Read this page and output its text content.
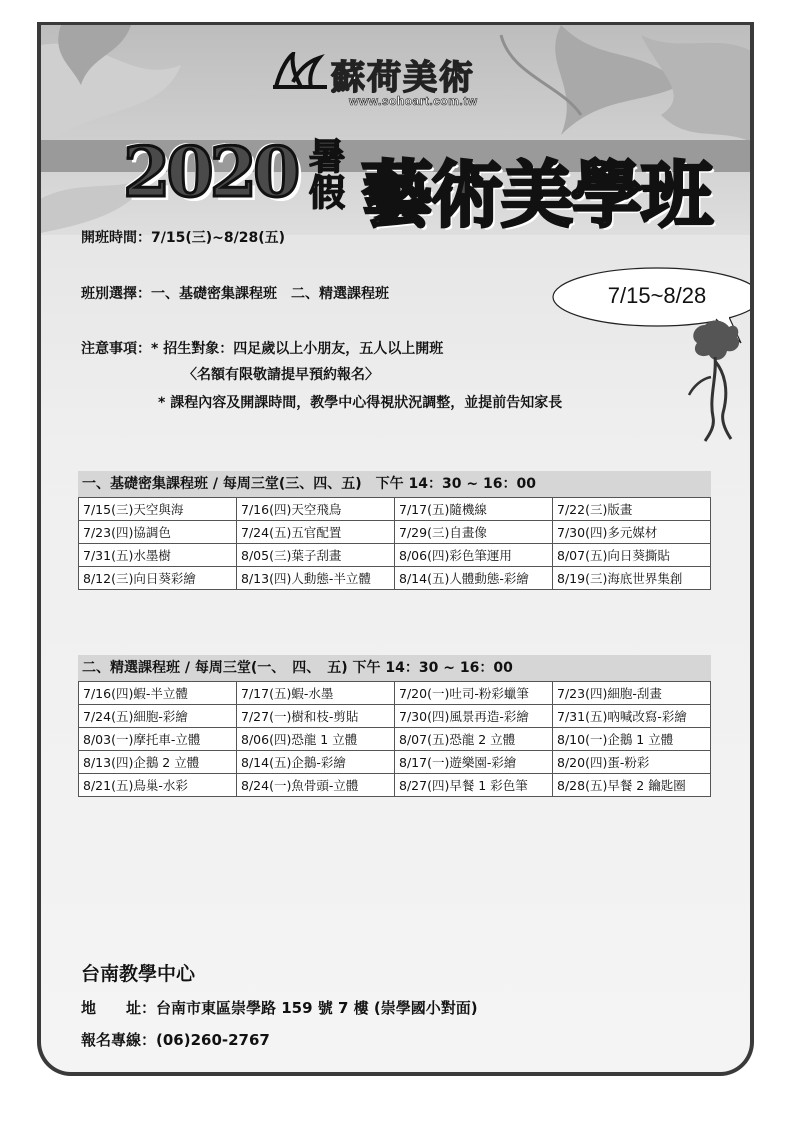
蘇荷美術
www.sohoart.com.tw
2020 暑假 藝術美學班
開班時間：7/15(三)~8/28(五)
班別選擇：一、基礎密集課程班　二、精選課程班
注意事項：* 招生對象：四足歲以上小朋友，五人以上開班
〈名額有限敬請提早預約報名〉
* 課程內容及開課時間，教學中心得視狀況調整，並提前告知家長
7/15~8/28
一、基礎密集課程班 / 每周三堂(三、四、五)　下午 14：30 ~ 16：00
7/15(三)天空與海	7/16(四)天空飛鳥	7/17(五)隨機線	7/22(三)版畫
7/23(四)協調色	7/24(五)五官配置	7/29(三)自畫像	7/30(四)多元媒材
7/31(五)水墨樹	8/05(三)葉子刮畫	8/06(四)彩色筆運用	8/07(五)向日葵撕貼
8/12(三)向日葵彩繪	8/13(四)人動態-半立體	8/14(五)人體動態-彩繪	8/19(三)海底世界集創
二、精選課程班 / 每周三堂(一、　四、　五) 下午 14：30 ~ 16：00
7/16(四)蝦-半立體	7/17(五)蝦-水墨	7/20(一)吐司-粉彩蠟筆	7/23(四)細胞-刮畫
7/24(五)細胞-彩繪	7/27(一)樹和枝-剪貼	7/30(四)風景再造-彩繪	7/31(五)吶喊改寫-彩繪
8/03(一)摩托車-立體	8/06(四)恐龍 1 立體	8/07(五)恐龍 2 立體	8/10(一)企鵝 1 立體
8/13(四)企鵝 2 立體	8/14(五)企鵝-彩繪	8/17(一)遊樂園-彩繪	8/20(四)蛋-粉彩
8/21(五)鳥巢-水彩	8/24(一)魚骨頭-立體	8/27(四)早餐 1 彩色筆	8/28(五)早餐 2 鑰匙圈
台南教學中心
地　　址：台南市東區崇學路 159 號 7 樓 (崇學國小對面)
報名專線：(06)260-2767
